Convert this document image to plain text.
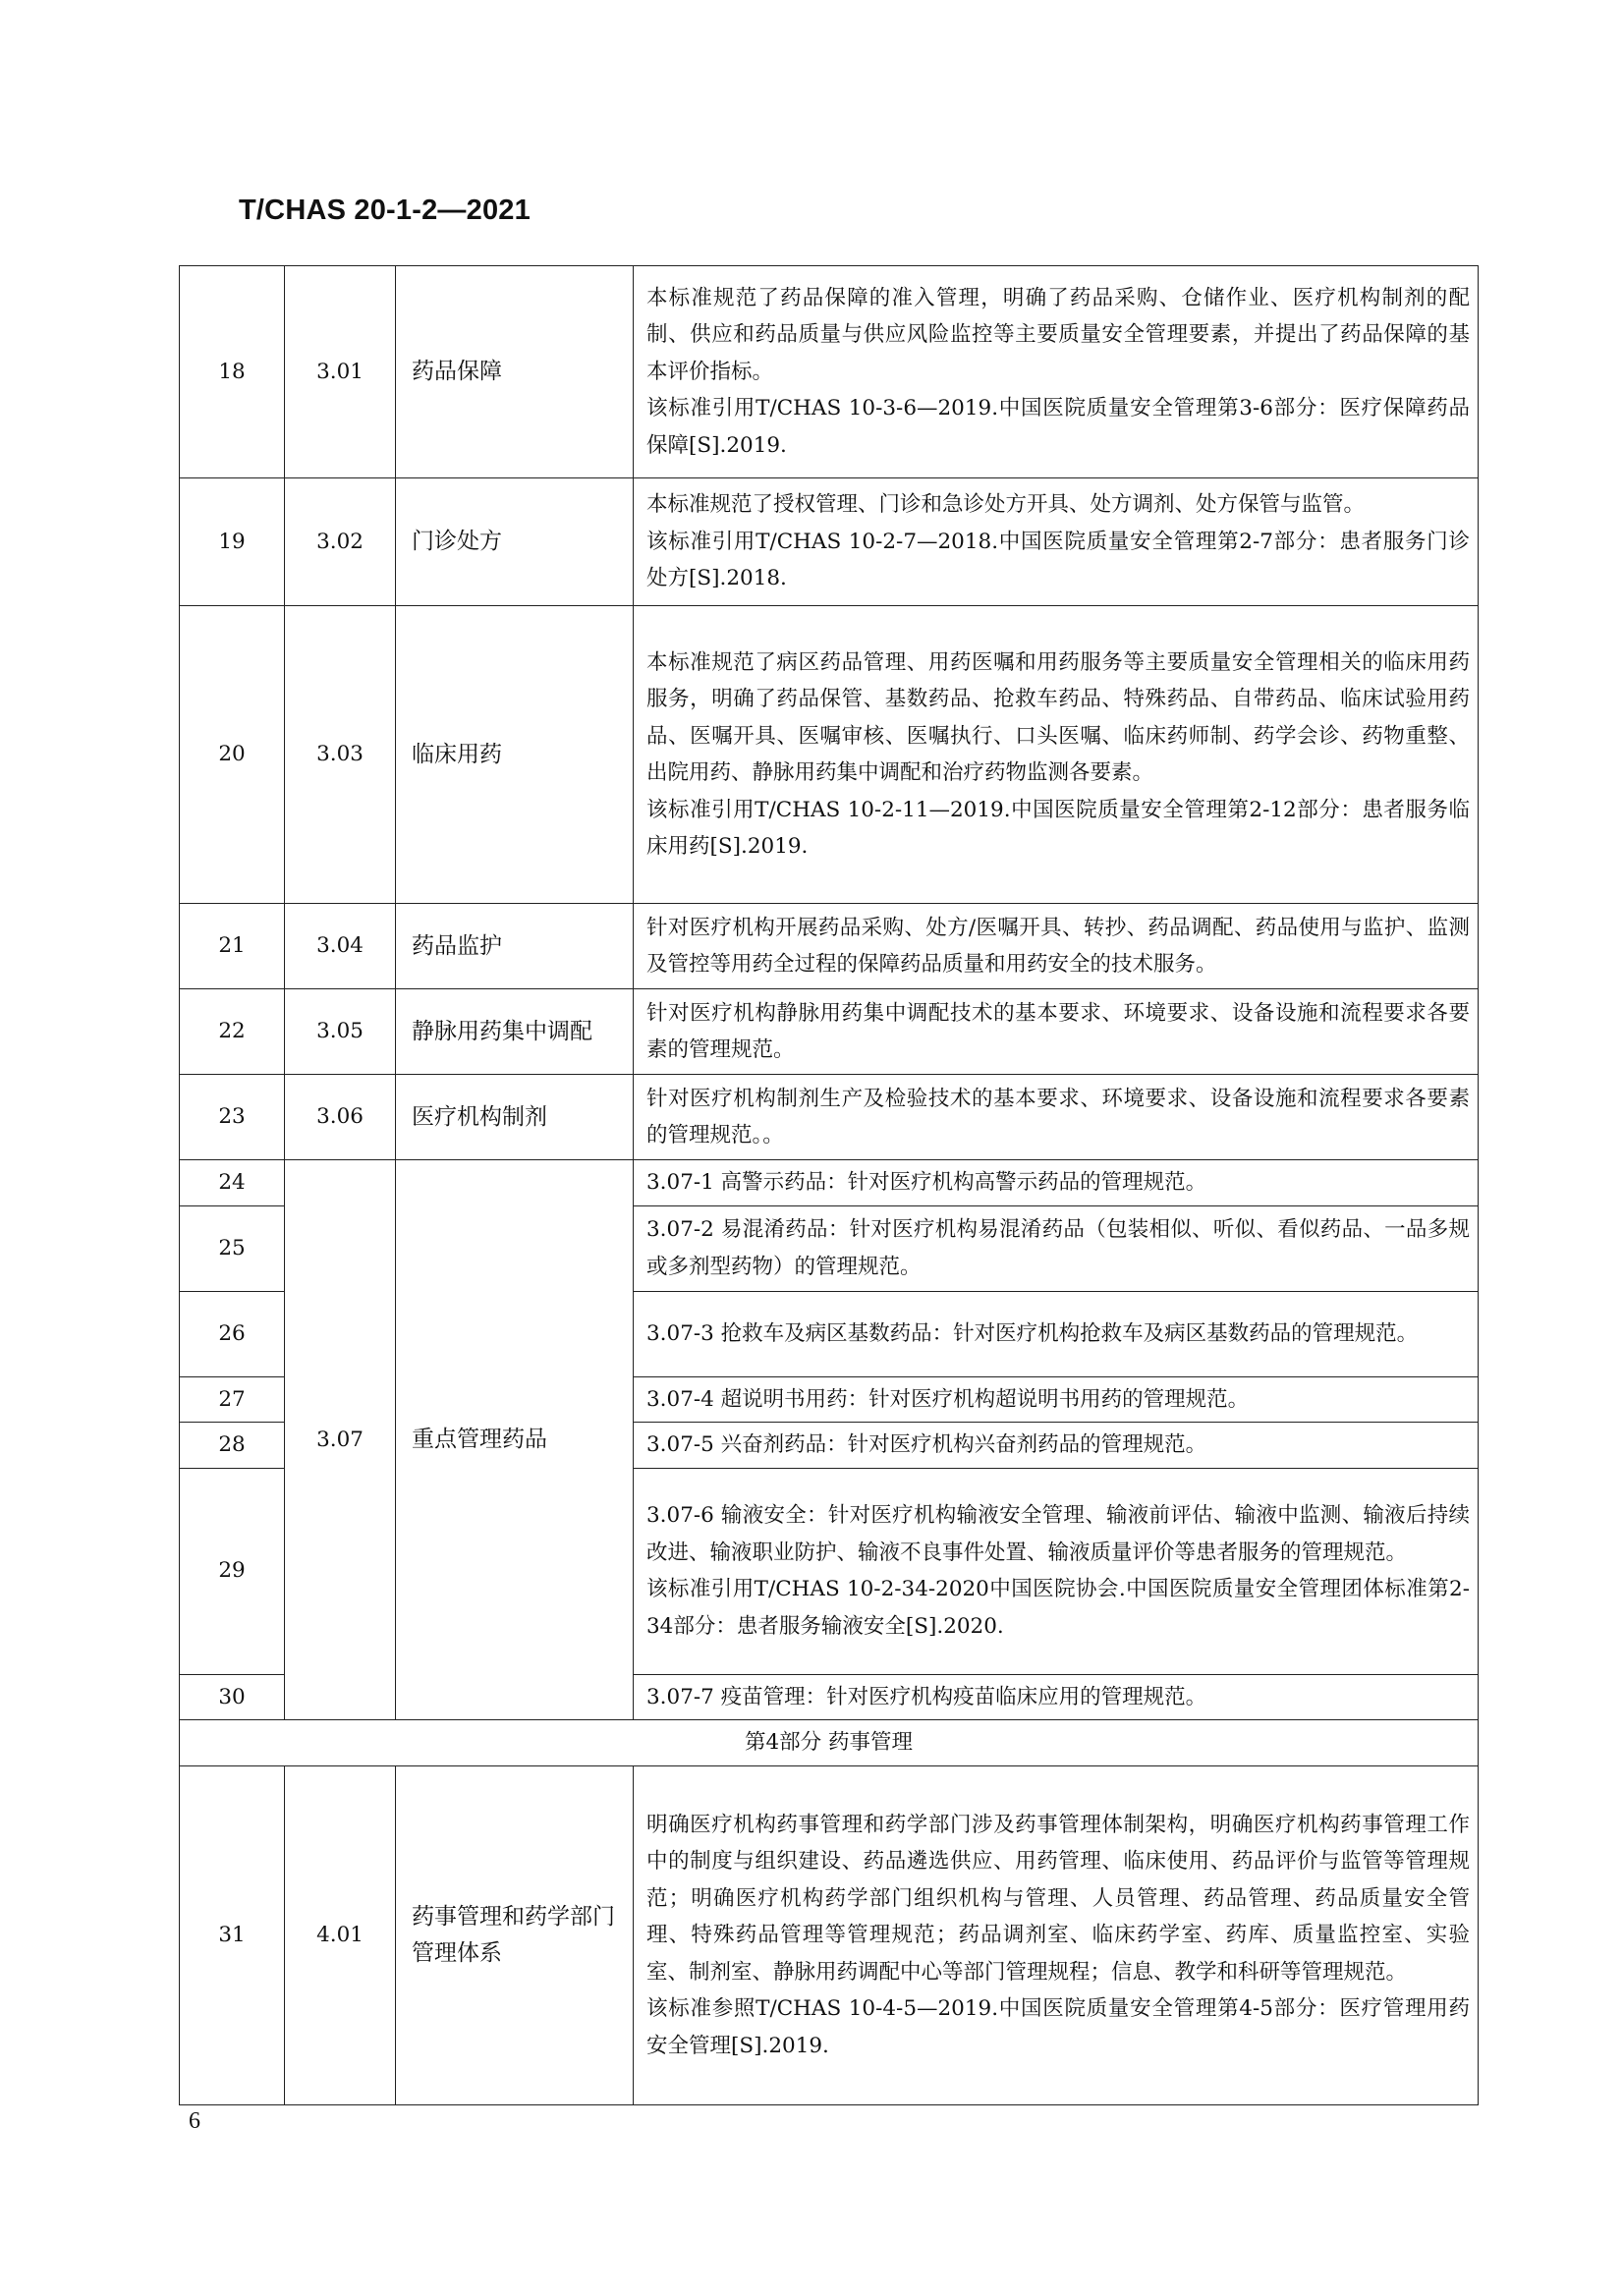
T/CHAS 20-1-2—2021
18	3.01	药品保障	本标准规范了药品保障的准入管理，明确了药品采购、仓储作业、医疗机构制剂的配制、供应和药品质量与供应风险监控等主要质量安全管理要素，并提出了药品保障的基本评价指标。

该标准引用T/CHAS 10-3-6—2019.中国医院质量安全管理第3-6部分：医疗保障药品保障[S].2019.

19	3.02	门诊处方	本标准规范了授权管理、门诊和急诊处方开具、处方调剂、处方保管与监管。

该标准引用T/CHAS 10-2-7—2018.中国医院质量安全管理第2-7部分：患者服务门诊处方[S].2018.

20	3.03	临床用药	本标准规范了病区药品管理、用药医嘱和用药服务等主要质量安全管理相关的临床用药服务，明确了药品保管、基数药品、抢救车药品、特殊药品、自带药品、临床试验用药品、医嘱开具、医嘱审核、医嘱执行、口头医嘱、临床药师制、药学会诊、药物重整、出院用药、静脉用药集中调配和治疗药物监测各要素。

该标准引用T/CHAS 10-2-11—2019.中国医院质量安全管理第2-12部分：患者服务临床用药[S].2019.

21	3.04	药品监护	针对医疗机构开展药品采购、处方/医嘱开具、转抄、药品调配、药品使用与监护、监测及管控等用药全过程的保障药品质量和用药安全的技术服务。

22	3.05	静脉用药集中调配	针对医疗机构静脉用药集中调配技术的基本要求、环境要求、设备设施和流程要求各要素的管理规范。

23	3.06	医疗机构制剂	针对医疗机构制剂生产及检验技术的基本要求、环境要求、设备设施和流程要求各要素的管理规范。。

24	3.07	重点管理药品	3.07-1 高警示药品：针对医疗机构高警示药品的管理规范。

25			3.07-2 易混淆药品：针对医疗机构易混淆药品（包装相似、听似、看似药品、一品多规或多剂型药物）的管理规范。

26			3.07-3 抢救车及病区基数药品：针对医疗机构抢救车及病区基数药品的管理规范。

27			3.07-4 超说明书用药：针对医疗机构超说明书用药的管理规范。

28			3.07-5 兴奋剂药品：针对医疗机构兴奋剂药品的管理规范。

29			3.07-6 输液安全：针对医疗机构输液安全管理、输液前评估、输液中监测、输液后持续改进、输液职业防护、输液不良事件处置、输液质量评价等患者服务的管理规范。

该标准引用T/CHAS 10-2-34-2020中国医院协会.中国医院质量安全管理团体标准第2-34部分：患者服务输液安全[S].2020.

30			3.07-7 疫苗管理：针对医疗机构疫苗临床应用的管理规范。

第4部分 药事管理			
31	4.01	药事管理和药学部门管理体系	明确医疗机构药事管理和药学部门涉及药事管理体制架构，明确医疗机构药事管理工作中的制度与组织建设、药品遴选供应、用药管理、临床使用、药品评价与监管等管理规范；明确医疗机构药学部门组织机构与管理、人员管理、药品管理、药品质量安全管理、特殊药品管理等管理规范；药品调剂室、临床药学室、药库、质量监控室、实验室、制剂室、静脉用药调配中心等部门管理规程；信息、教学和科研等管理规范。

该标准参照T/CHAS 10-4-5—2019.中国医院质量安全管理第4-5部分：医疗管理用药安全管理[S].2019.

6
